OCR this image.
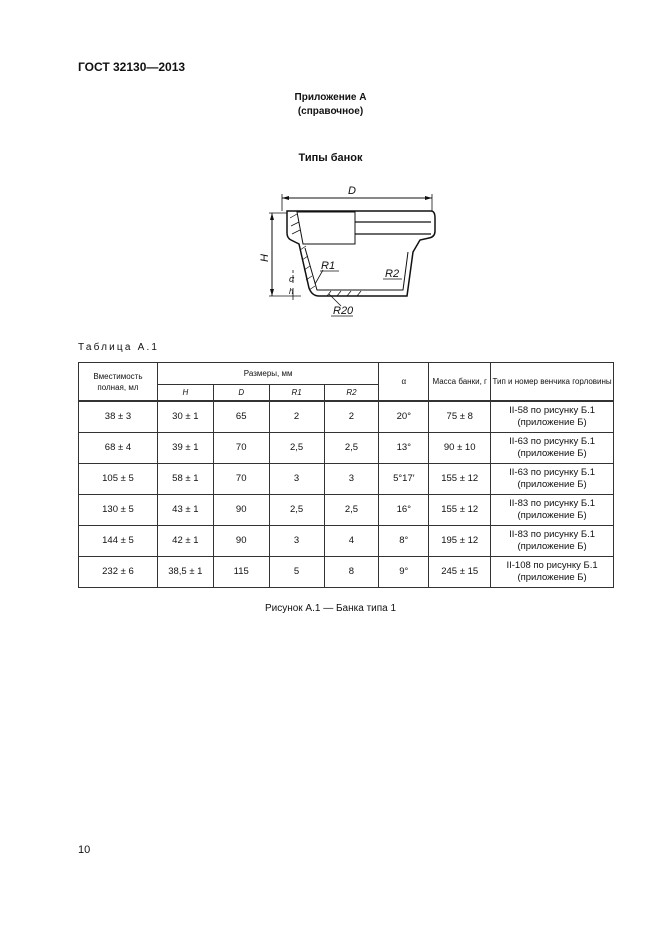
ГОСТ 32130—2013
Приложение А
(справочное)
Типы банок
D
H
R1
R2
R20
α
h
Таблица А.1
Вместимость полная, мл	Размеры, мм				α	Масса банки, г	Тип и номер венчика горловины
	H	D	R1	R2			
38 ± 3	30 ± 1	65	2	2	20°	75 ± 8	II-58 по рисунку Б.1 (приложение Б)
68 ± 4	39 ± 1	70	2,5	2,5	13°	90 ± 10	II-63 по рисунку Б.1 (приложение Б)
105 ± 5	58 ± 1	70	3	3	5°17′	155 ± 12	II-63 по рисунку Б.1 (приложение Б)
130 ± 5	43 ± 1	90	2,5	2,5	16°	155 ± 12	II-83 по рисунку Б.1 (приложение Б)
144 ± 5	42 ± 1	90	3	4	8°	195 ± 12	II-83 по рисунку Б.1 (приложение Б)
232 ± 6	38,5 ± 1	115	5	8	9°	245 ± 15	II-108 по рисунку Б.1 (приложение Б)
Рисунок А.1 — Банка типа 1
10
